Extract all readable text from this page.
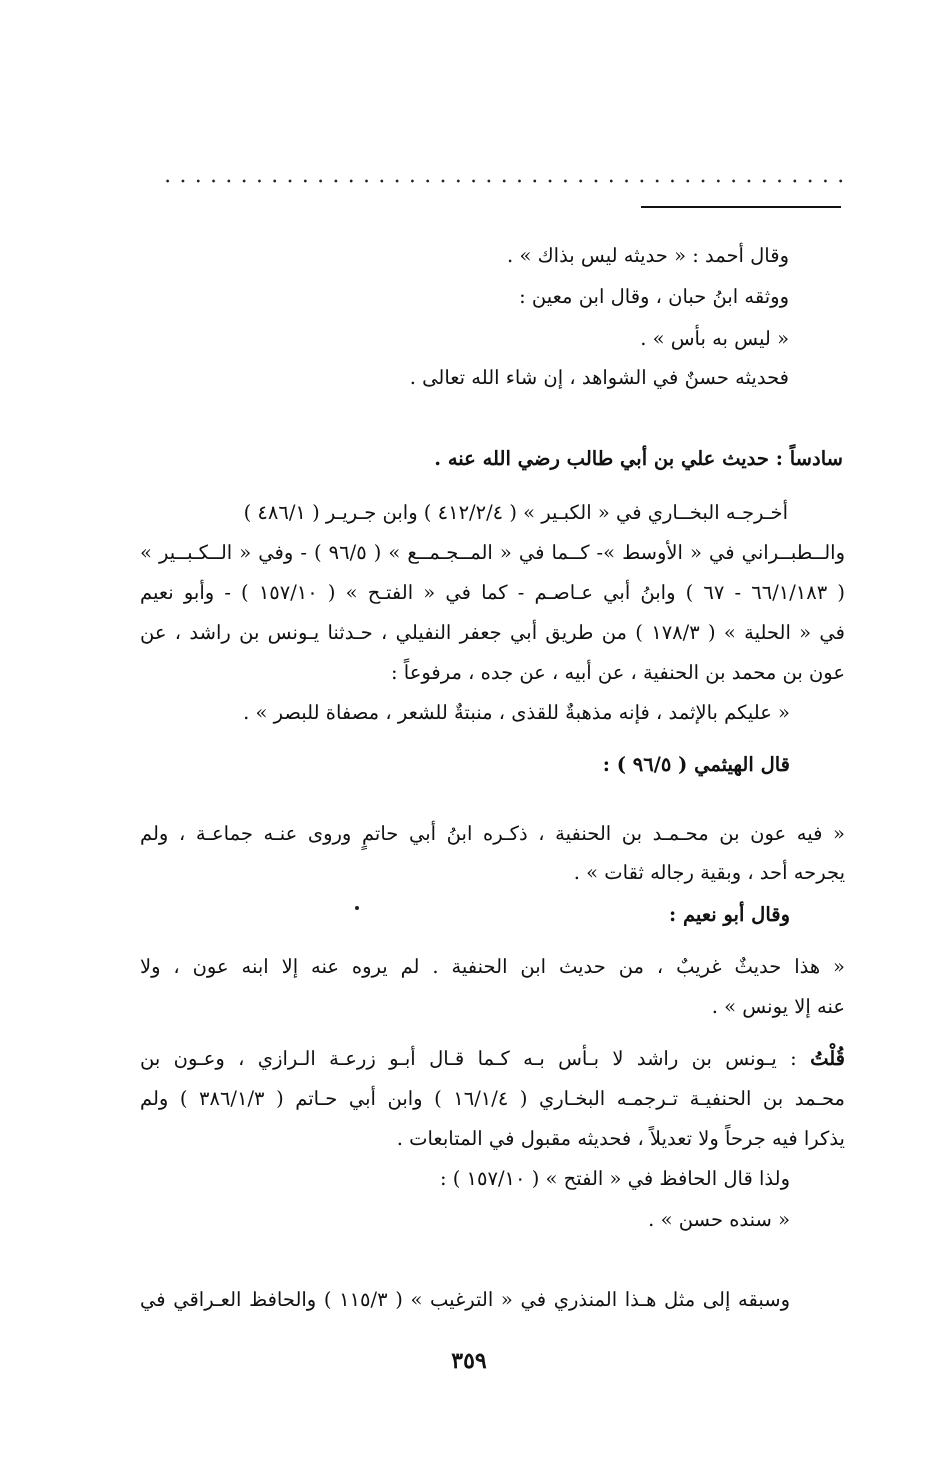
وقال أحمد : « حديثه ليس بذاك » .
ووثقه ابنُ حبان ، وقال ابن معين :
« ليس به بأس » .
فحديثه حسنٌ في الشواهد ، إن شاء الله تعالى .
سادساً : حديث علي بن أبي طالب رضي الله عنه .
أخـرجـه البخــاري في « الكبـير » ( ٤١٢/٢/٤ ) وابن جـريـر ( ٤٨٦/١ )
والــطبــراني في « الأوسط »- كــما في « المــجـمــع » ( ٩٦/٥ ) - وفي « الــكـبــير »
( ٦٦/١/١٨٣ - ٦٧ ) وابنُ أبي عـاصـم - كما في « الفتـح » ( ١٥٧/١٠ ) - وأبو نعيم
في « الحلية » ( ١٧٨/٣ ) من طريق أبي جعفر النفيلي ، حـدثنا يـونس بن راشد ، عن
عون بن محمد بن الحنفية ، عن أبيه ، عن جده ، مرفوعاً :
« عليكم بالإثمد ، فإنه مذهبةٌ للقذى ، منبتةٌ للشعر ، مصفاة للبصر » .
قال الهيثمي ( ٩٦/٥ ) :
« فيه عون بن محـمـد بن الحنفية ، ذكـره ابنُ أبي حاتمٍ وروى عنـه جماعـة ، ولم
يجرحه أحد ، وبقية رجاله ثقات » .
وقال أبو نعيم :
« هذا حديثٌ غريبٌ ، من حديث ابن الحنفية . لم يروه عنه إلا ابنه عون ، ولا
عنه إلا يونس » .
قُلْتُ : يـونس بن راشد لا بـأس بـه كـما قـال أبـو زرعـة الـرازي ، وعـون بن
محـمد بن الحنفيـة تـرجمـه البخـاري ( ١٦/١/٤ ) وابن أبي حـاتم ( ٣٨٦/١/٣ ) ولم
يذكرا فيه جرحاً ولا تعديلاً ، فحديثه مقبول في المتابعات .
ولذا قال الحافظ في « الفتح » ( ١٥٧/١٠ ) :
« سنده حسن » .
وسبقه إلى مثل هـذا المنذري في « الترغيب » ( ١١٥/٣ ) والحافظ العـراقي في
٣٥٩
